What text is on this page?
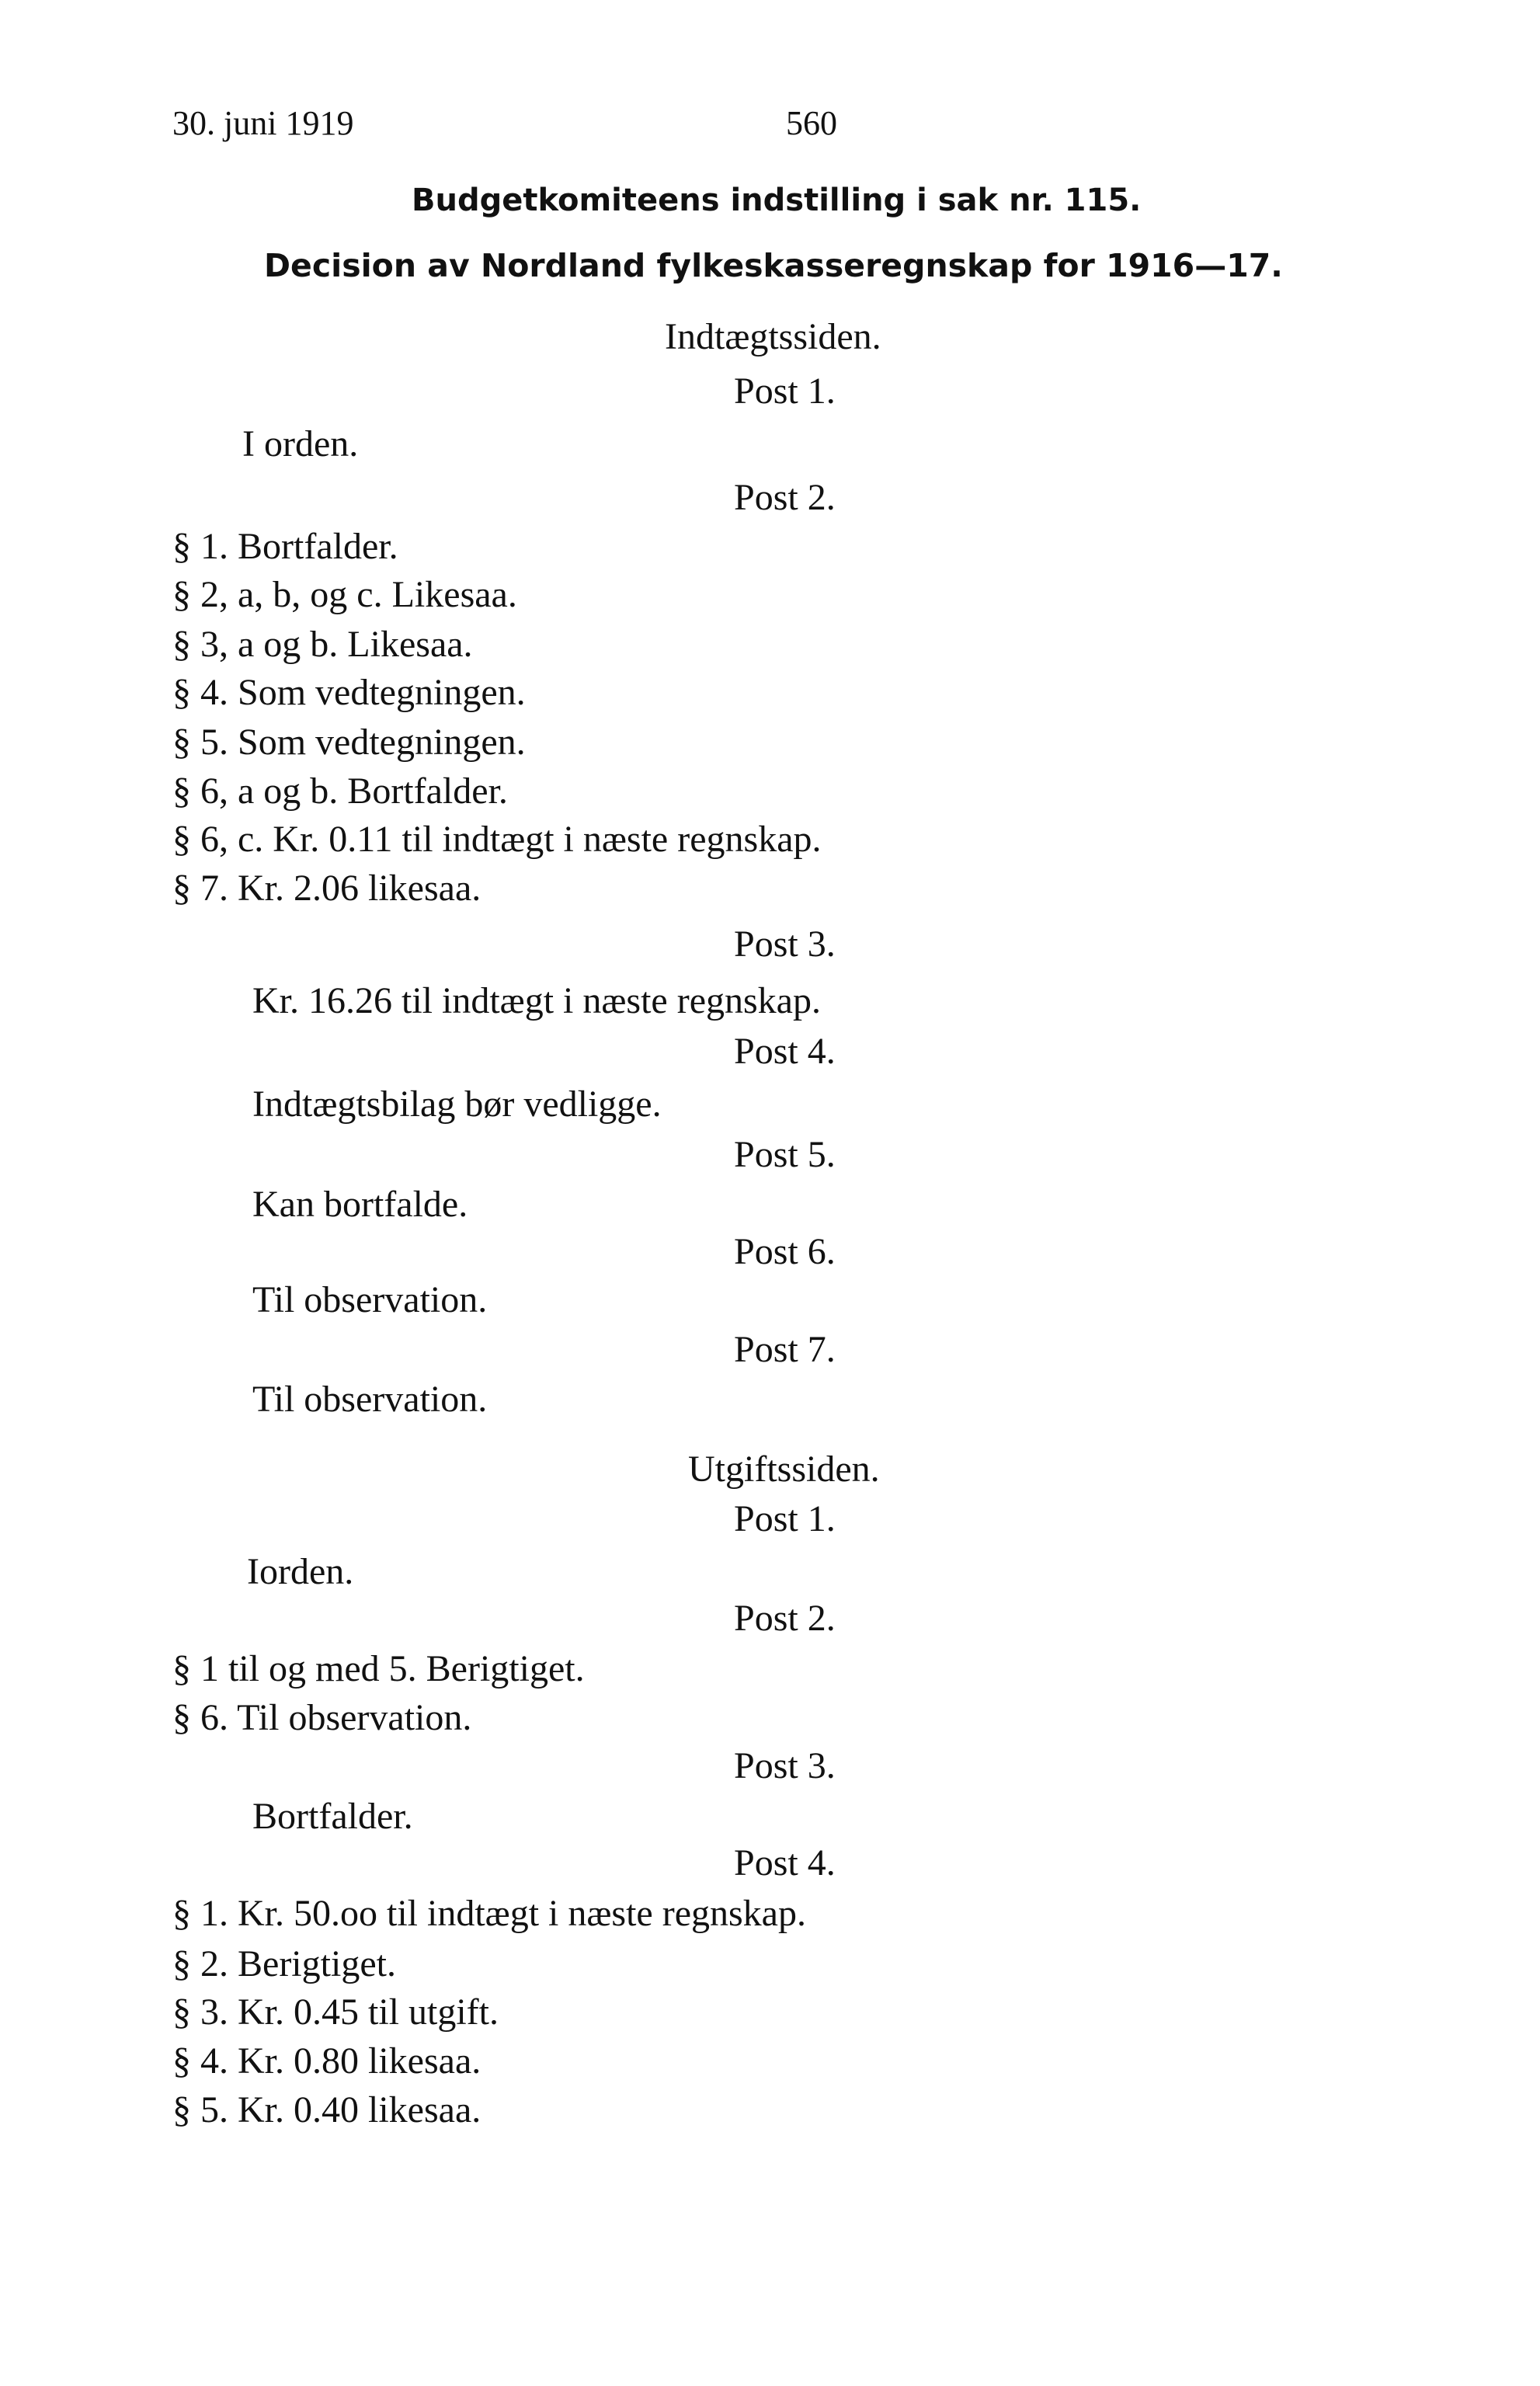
30. juni 1919	560
Budgetkomiteens indstilling i sak nr. 115.
Decision av Nordland fylkeskasseregnskap for 1916—17.
Indtægtssiden.
Post 1.
I orden.
Post 2.
§ 1. Bortfalder.
§ 2, a, b, og c. Likesaa.
§ 3, a og b. Likesaa.
§ 4. Som vedtegningen.
§ 5. Som vedtegningen.
§ 6, a og b. Bortfalder.
§ 6, c. Kr. 0.11 til indtægt i næste regnskap.
§ 7. Kr. 2.06 likesaa.
Post 3.
Kr. 16.26 til indtægt i næste regnskap.
Post 4.
Indtægtsbilag bør vedligge.
Post 5.
Kan bortfalde.
Post 6.
Til observation.
Post 7.
Til observation.
Utgiftssiden.
Post 1.
Iorden.
Post 2.
§ 1 til og med 5. Berigtiget.
§ 6. Til observation.
Post 3.
Bortfalder.
Post 4.
§ 1. Kr. 50.oo til indtægt i næste regnskap.
§ 2. Berigtiget.
§ 3. Kr. 0.45 til utgift.
§ 4. Kr. 0.80 likesaa.
§ 5. Kr. 0.40 likesaa.
